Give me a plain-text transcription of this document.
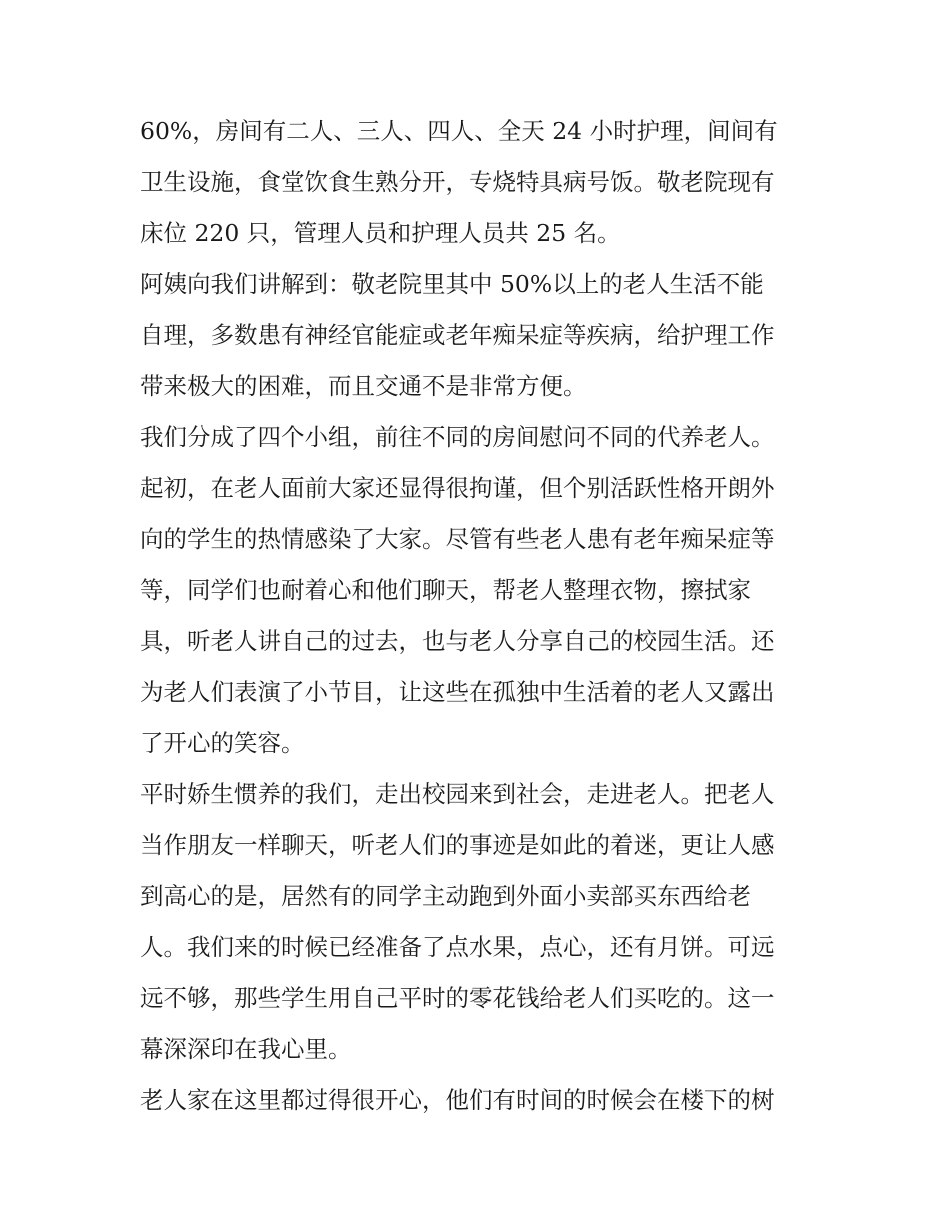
60%，房间有二人、三人、四人、全天 24 小时护理，间间有
卫生设施，食堂饮食生熟分开，专烧特具病号饭。敬老院现有
床位 220 只，管理人员和护理人员共 25 名。
阿姨向我们讲解到：敬老院里其中 50%以上的老人生活不能
自理，多数患有神经官能症或老年痴呆症等疾病，给护理工作
带来极大的困难，而且交通不是非常方便。
我们分成了四个小组，前往不同的房间慰问不同的代养老人。
起初，在老人面前大家还显得很拘谨，但个别活跃性格开朗外
向的学生的热情感染了大家。尽管有些老人患有老年痴呆症等
等，同学们也耐着心和他们聊天，帮老人整理衣物，擦拭家
具，听老人讲自己的过去，也与老人分享自己的校园生活。还
为老人们表演了小节目，让这些在孤独中生活着的老人又露出
了开心的笑容。
平时娇生惯养的我们，走出校园来到社会，走进老人。把老人
当作朋友一样聊天，听老人们的事迹是如此的着迷，更让人感
到高心的是，居然有的同学主动跑到外面小卖部买东西给老
人。我们来的时候已经准备了点水果，点心，还有月饼。可远
远不够，那些学生用自己平时的零花钱给老人们买吃的。这一
幕深深印在我心里。
老人家在这里都过得很开心，他们有时间的时候会在楼下的树
